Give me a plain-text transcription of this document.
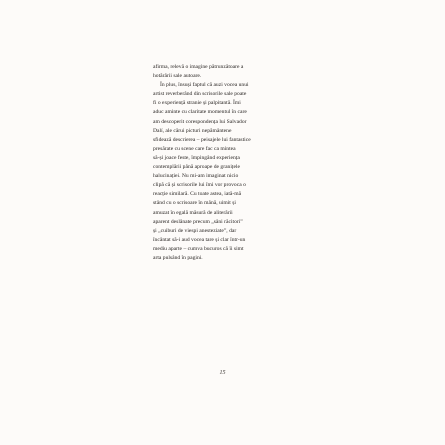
afirma, relevă o imagine pătrunzătoare a
hotărârii sale autoare.
În plus, însuși faptul că auzi vocea unui
artist reverberând din scrisorile sale poate
fi o experiență stranie și palpitantă. Îmi
aduc aminte cu claritate momentul în care
am descoperit corespondența lui Salvador
Dalí, ale cărui picturi nepământene
sfidează descrierea – peisajele lui fantastice
presărate cu scene care fac ca mintea
să-și joace feste, împingând experiența
contemplării până aproape de granițele
halucinației. Nu mi-am imaginat nicio
clipă că și scrisorile lui îmi vor provoca o
reacție similară. Cu toate astea, iată-mă
stând cu o scrisoare în mână, uimit și
amuzat în egală măsură de aliterării
aparent deslânate precum „sâni răcitori”
și „cuiburi de viespi anesteziate”, dar
încântat să-i aud vocea tare și clar într-un
mediu aparte – cumva bucuros că îi simt
arta pulsând în pagini.
15
